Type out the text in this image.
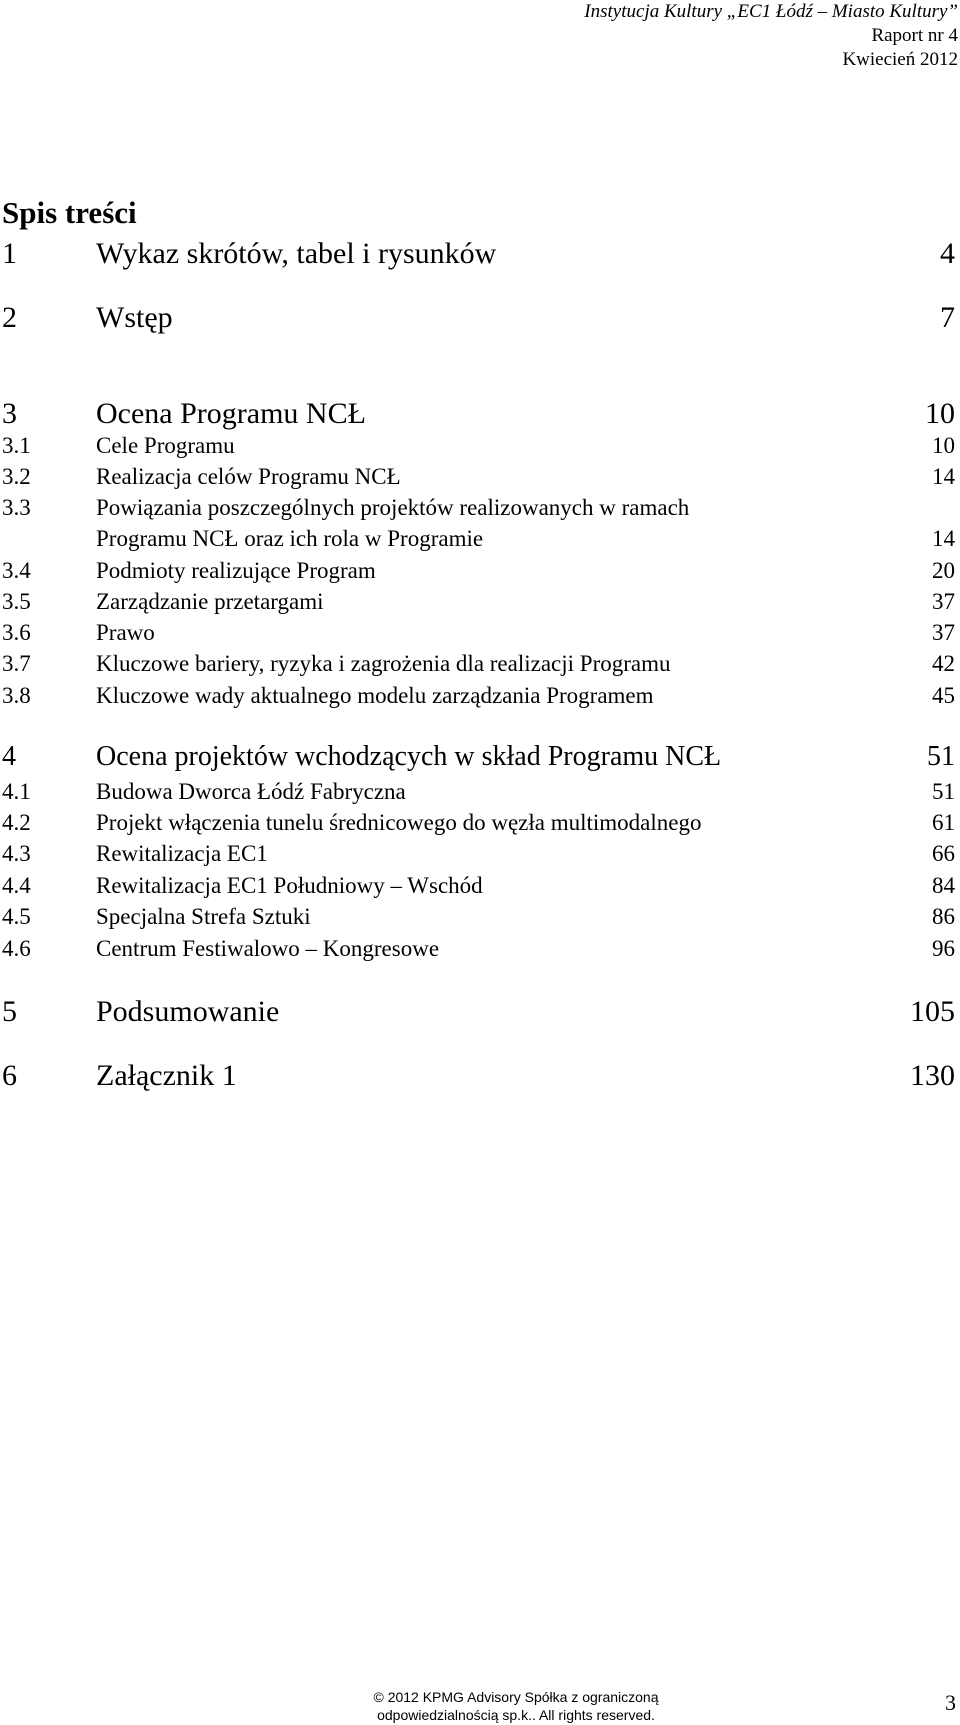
Instytucja Kultury „EC1 Łódź – Miasto Kultury”
Raport nr 4
Kwiecień 2012
Spis treści
1	Wykaz skrótów, tabel i rysunków	4
2	Wstęp	7
3	Ocena Programu NCŁ	10
3.1	Cele Programu	10
3.2	Realizacja celów Programu NCŁ	14
3.3	Powiązania poszczególnych projektów realizowanych w ramach
Programu NCŁ oraz ich rola w Programie	14
3.4	Podmioty realizujące Program	20
3.5	Zarządzanie przetargami	37
3.6	Prawo	37
3.7	Kluczowe bariery, ryzyka i zagrożenia dla realizacji Programu	42
3.8	Kluczowe wady aktualnego modelu zarządzania Programem	45
4	Ocena projektów wchodzących w skład Programu NCŁ	51
4.1	Budowa Dworca Łódź Fabryczna	51
4.2	Projekt włączenia tunelu średnicowego do węzła multimodalnego	61
4.3	Rewitalizacja EC1	66
4.4	Rewitalizacja EC1 Południowy – Wschód	84
4.5	Specjalna Strefa Sztuki	86
4.6	Centrum Festiwalowo – Kongresowe	96
5	Podsumowanie	105
6	Załącznik 1	130
© 2012 KPMG Advisory Spółka z ograniczoną
odpowiedzialnością sp.k.. All rights reserved.	3
